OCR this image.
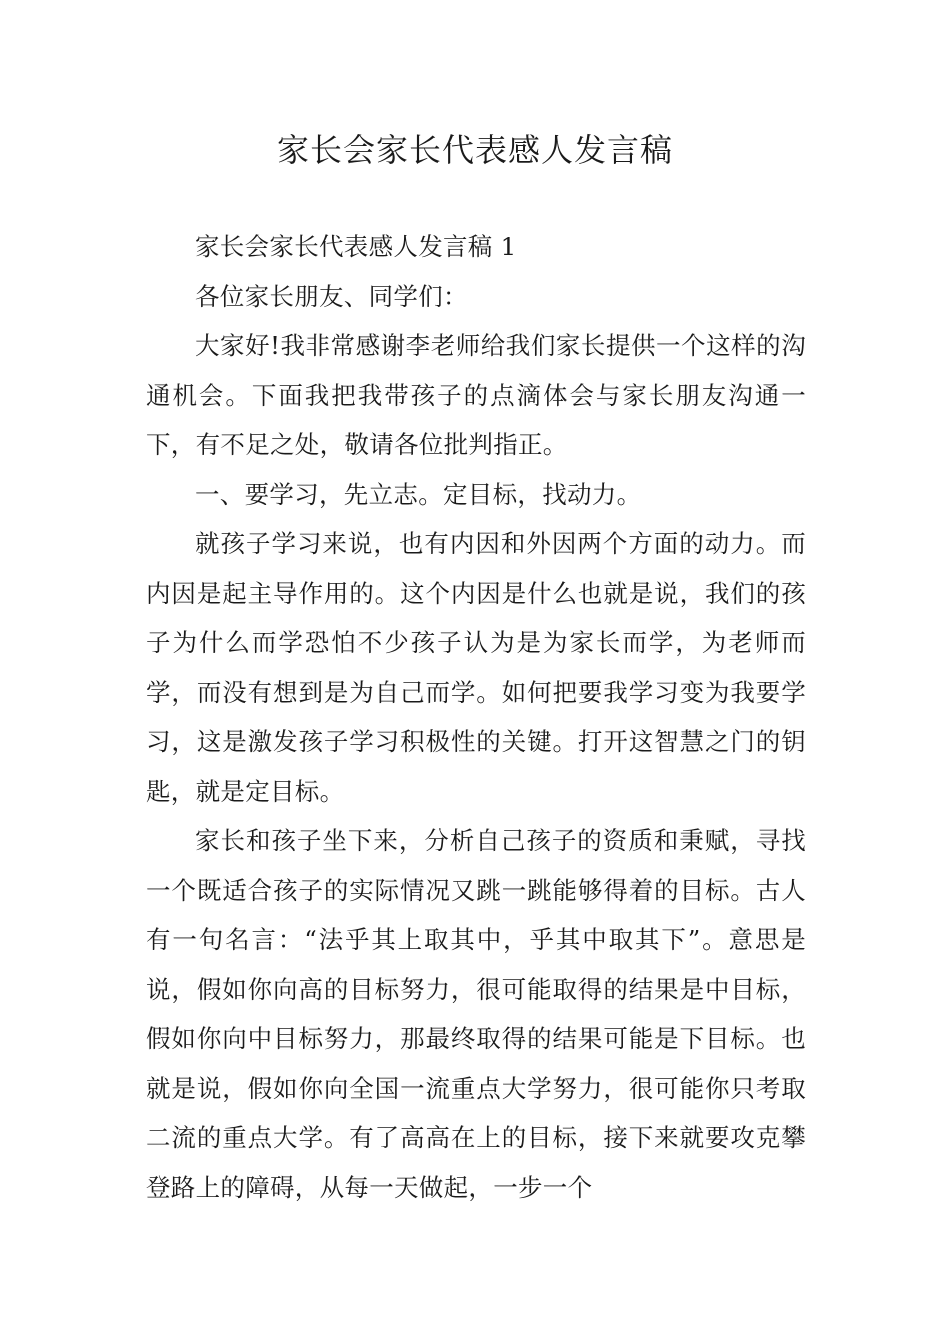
家长会家长代表感人发言稿

家长会家长代表感人发言稿 1

各位家长朋友、同学们：

大家好!我非常感谢李老师给我们家长提供一个这样的沟通机会。下面我把我带孩子的点滴体会与家长朋友沟通一下，有不足之处，敬请各位批判指正。

一、要学习，先立志。定目标，找动力。

就孩子学习来说，也有内因和外因两个方面的动力。而内因是起主导作用的。这个内因是什么也就是说，我们的孩子为什么而学恐怕不少孩子认为是为家长而学，为老师而学，而没有想到是为自己而学。如何把要我学习变为我要学习，这是激发孩子学习积极性的关键。打开这智慧之门的钥匙，就是定目标。

家长和孩子坐下来，分析自己孩子的资质和秉赋，寻找一个既适合孩子的实际情况又跳一跳能够得着的目标。古人有一句名言：“法乎其上取其中，乎其中取其下”。意思是说，假如你向高的目标努力，很可能取得的结果是中目标，假如你向中目标努力，那最终取得的结果可能是下目标。也就是说，假如你向全国一流重点大学努力，很可能你只考取二流的重点大学。有了高高在上的目标，接下来就要攻克攀登路上的障碍，从每一天做起，一步一个
